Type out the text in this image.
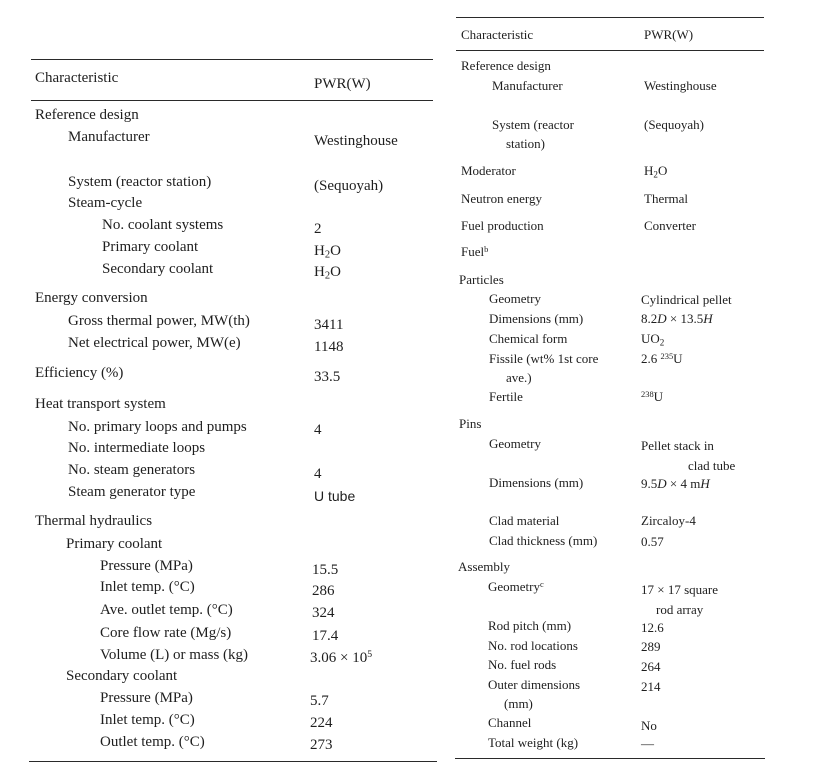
Characteristic	PWR(W)
Reference design
Manufacturer	Westinghouse
System (reactor station)	(Sequoyah)
Steam-cycle
No. coolant systems	2
Primary coolant	$H_2O$
Secondary coolant	$H_2O$
Energy conversion
Gross thermal power, MW(th)	3411
Net electrical power, MW(e)	1148
Efficiency (%)	33.5
Heat transport system
No. primary loops and pumps	4
No. intermediate loops
No. steam generators	4
Steam generator type	U tube
Thermal hydraulics
Primary coolant
Pressure (MPa)	15.5
Inlet temp. (°C)	286
Ave. outlet temp. (°C)	324
Core flow rate (Mg/s)	17.4
Volume (L) or mass (kg)	$3.06 \times 10^5$
Secondary coolant
Pressure (MPa)	5.7
Inlet temp. (°C)	224
Outlet temp. (°C)	273
Characteristic	PWR(W)
Reference design
Manufacturer	Westinghouse
System (reactor	(Sequoyah)
station)
Moderator	$H_2O$
Neutron energy	Thermal
Fuel production	Converter
Fuel$^b$
Particles
Geometry	Cylindrical pellet
Dimensions (mm)	8.2D × 13.5H
Chemical form	$UO_2$
Fissile (wt% 1st core	2.6 $^{235}$U
ave.)
Fertile	$^{238}$U
Pins
Geometry	Pellet stack in
clad tube
Dimensions (mm)	9.5D × 4 mH
Clad material	Zircaloy-4
Clad thickness (mm)	0.57
Assembly
Geometry$^c$	17 × 17 square
rod array
Rod pitch (mm)	12.6
No. rod locations	289
No. fuel rods	264
Outer dimensions	214
(mm)
Channel	No
Total weight (kg)	—
